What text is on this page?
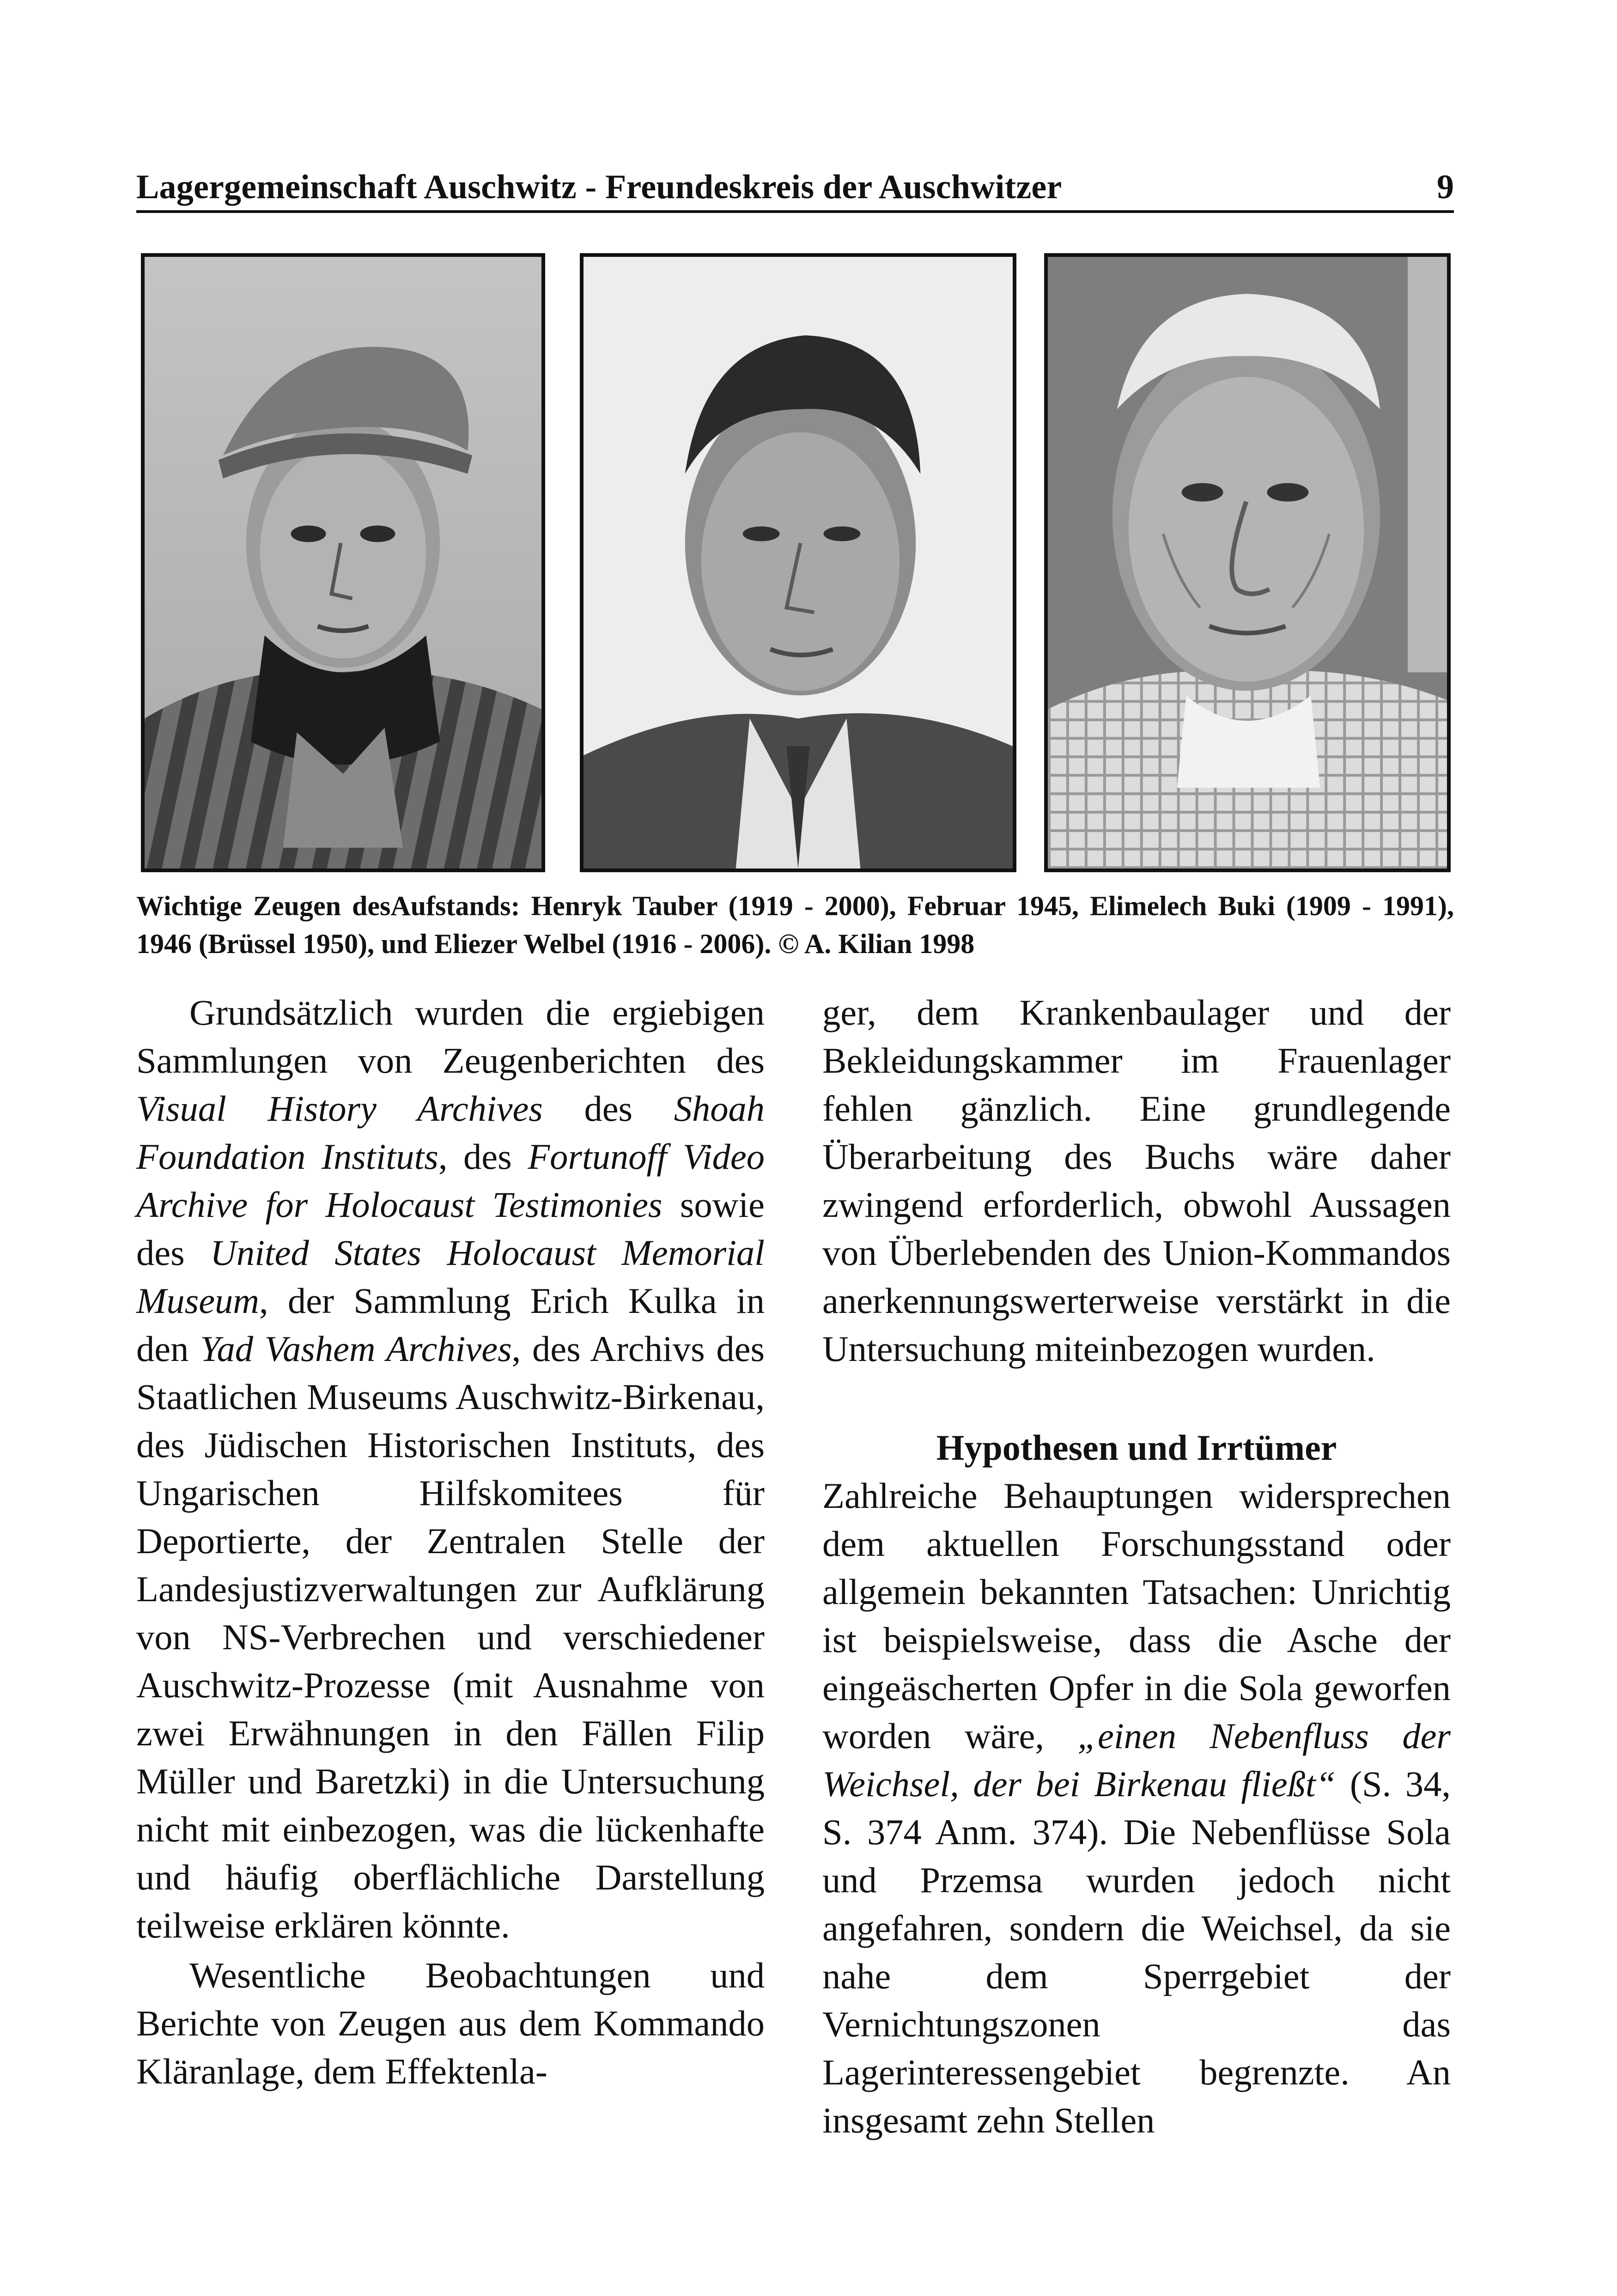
Lagergemeinschaft Auschwitz - Freundeskreis der Auschwitzer	9
Wichtige Zeugen desAufstands: Henryk Tauber (1919 - 2000), Februar 1945, Elimelech Buki (1909 - 1991), 1946 (Brüssel 1950), und Eliezer Welbel (1916 - 2006). © A. Kilian 1998

Grundsätzlich wurden die ergiebigen Sammlungen von Zeugenberichten des Visual History Archives des Shoah Foundation Instituts, des Fortunoff Video Archive for Holocaust Testimonies sowie des United States Holocaust Memorial Museum, der Sammlung Erich Kulka in den Yad Vashem Archives, des Archivs des Staatlichen Museums Auschwitz-Birkenau, des Jüdischen Historischen Instituts, des Ungarischen Hilfskomitees für Deportierte, der Zentralen Stelle der Landesjustizverwaltungen zur Aufklärung von NS-Verbrechen und verschiedener Auschwitz-Prozesse (mit Ausnahme von zwei Erwähnungen in den Fällen Filip Müller und Baretzki) in die Untersuchung nicht mit einbezogen, was die lückenhafte und häufig oberflächliche Darstellung teilweise erklären könnte.

Wesentliche Beobachtungen und Berichte von Zeugen aus dem Kommando Kläranlage, dem Effektenla-

ger, dem Krankenbaulager und der Bekleidungskammer im Frauenlager fehlen gänzlich. Eine grundlegende Überarbeitung des Buchs wäre daher zwingend erforderlich, obwohl Aussagen von Überlebenden des Union-Kommandos anerkennungswerterweise verstärkt in die Untersuchung miteinbezogen wurden.

Hypothesen und Irrtümer

Zahlreiche Behauptungen widersprechen dem aktuellen Forschungsstand oder allgemein bekannten Tatsachen: Unrichtig ist beispielsweise, dass die Asche der eingeäscherten Opfer in die Sola geworfen worden wäre, „einen Nebenfluss der Weichsel, der bei Birkenau fließt“ (S. 34, S. 374 Anm. 374). Die Nebenflüsse Sola und Przemsa wurden jedoch nicht angefahren, sondern die Weichsel, da sie nahe dem Sperrgebiet der Vernichtungszonen das Lagerinteressengebiet begrenzte. An insgesamt zehn Stellen
